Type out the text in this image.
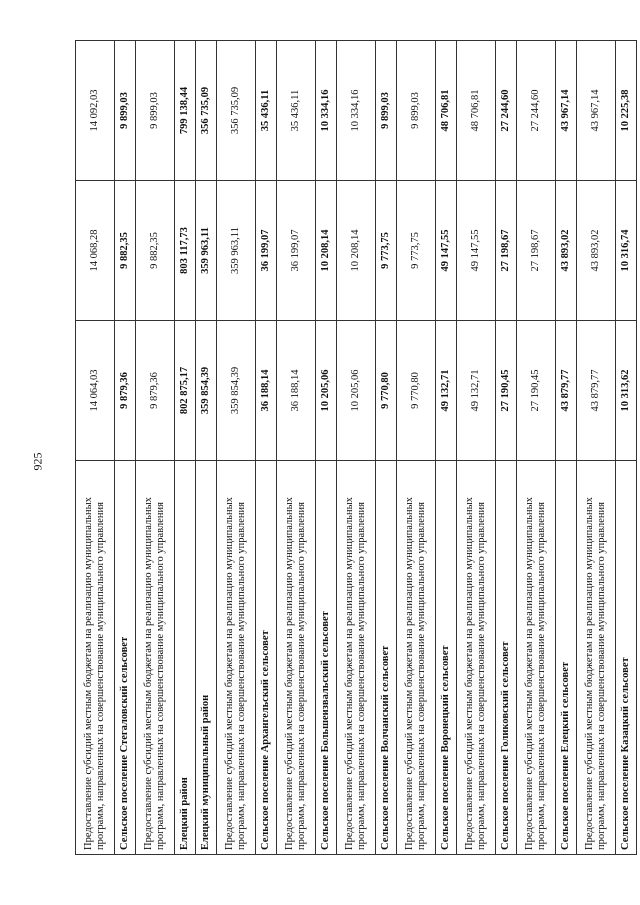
925
Предоставление субсидий местным бюджетам на реализацию муниципальных программ, направленных на совершенствование муниципального управления	14 064,03	14 068,28	14 092,03
Сельское поселение Стегаловский сельсовет	9 879,36	9 882,35	9 899,03
Предоставление субсидий местным бюджетам на реализацию муниципальных программ, направленных на совершенствование муниципального управления	9 879,36	9 882,35	9 899,03
Елецкий район	802 875,17	803 117,73	799 138,44
Елецкий муниципальный район	359 854,39	359 963,11	356 735,09
Предоставление субсидий местным бюджетам на реализацию муниципальных программ, направленных на совершенствование муниципального управления	359 854,39	359 963,11	356 735,09
Сельское поселение Архангельский сельсовет	36 188,14	36 199,07	35 436,11
Предоставление субсидий местным бюджетам на реализацию муниципальных программ, направленных на совершенствование муниципального управления	36 188,14	36 199,07	35 436,11
Сельское поселение Большеизвальский сельсовет	10 205,06	10 208,14	10 334,16
Предоставление субсидий местным бюджетам на реализацию муниципальных программ, направленных на совершенствование муниципального управления	10 205,06	10 208,14	10 334,16
Сельское поселение Волчанский сельсовет	9 770,80	9 773,75	9 899,03
Предоставление субсидий местным бюджетам на реализацию муниципальных программ, направленных на совершенствование муниципального управления	9 770,80	9 773,75	9 899,03
Сельское поселение Воронецкий сельсовет	49 132,71	49 147,55	48 706,81
Предоставление субсидий местным бюджетам на реализацию муниципальных программ, направленных на совершенствование муниципального управления	49 132,71	49 147,55	48 706,81
Сельское поселение Голиковский сельсовет	27 190,45	27 198,67	27 244,60
Предоставление субсидий местным бюджетам на реализацию муниципальных программ, направленных на совершенствование муниципального управления	27 190,45	27 198,67	27 244,60
Сельское поселение Елецкий сельсовет	43 879,77	43 893,02	43 967,14
Предоставление субсидий местным бюджетам на реализацию муниципальных программ, направленных на совершенствование муниципального управления	43 879,77	43 893,02	43 967,14
Сельское поселение Казацкий сельсовет	10 313,62	10 316,74	10 225,38
